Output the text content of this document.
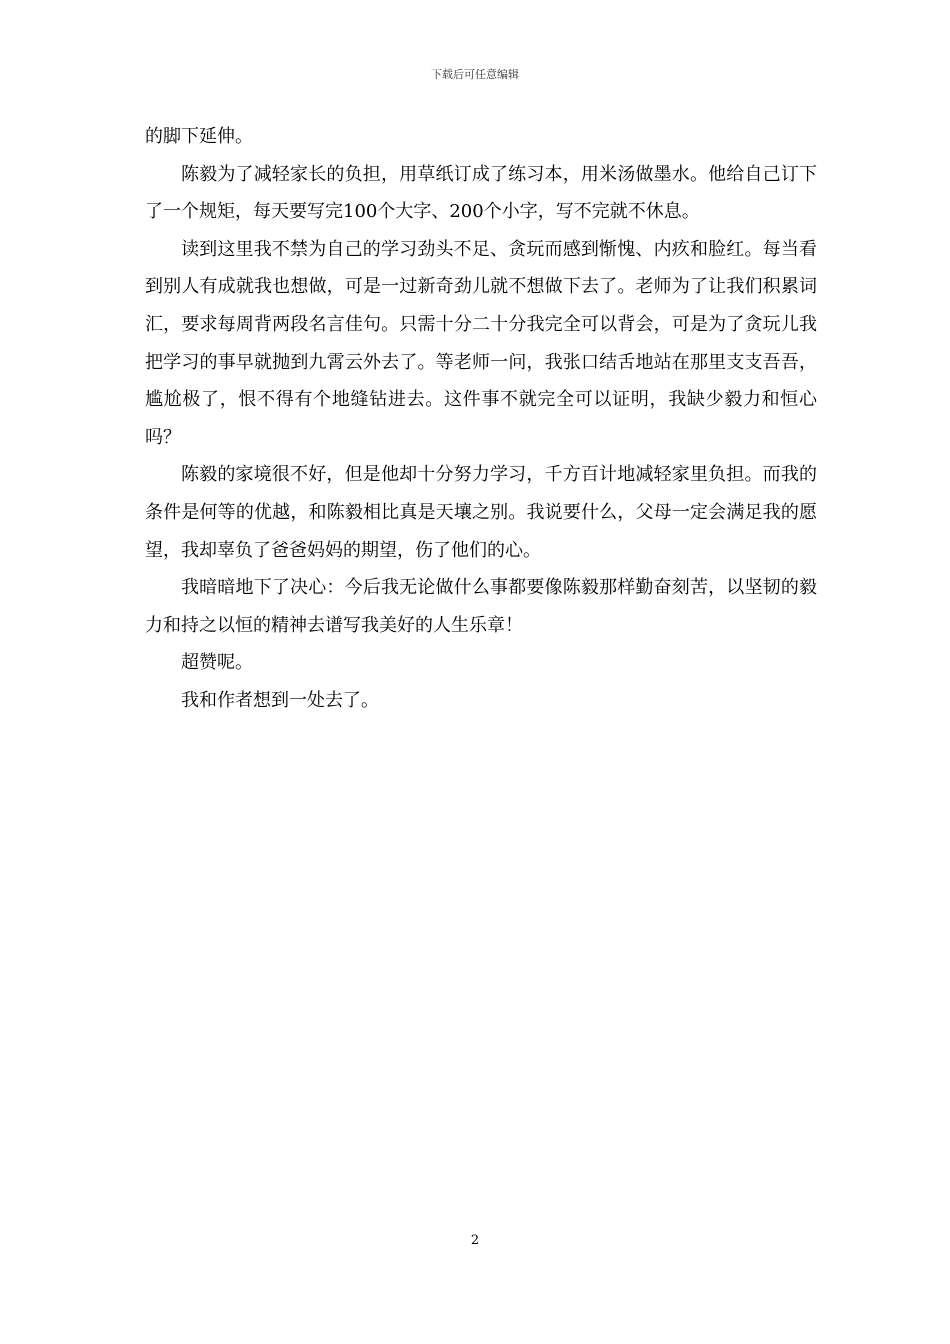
下载后可任意编辑

的脚下延伸。

陈毅为了减轻家长的负担，用草纸订成了练习本，用米汤做墨水。他给自己订下了一个规矩，每天要写完100个大字、200个小字，写不完就不休息。

读到这里我不禁为自己的学习劲头不足、贪玩而感到惭愧、内疚和脸红。每当看到别人有成就我也想做，可是一过新奇劲儿就不想做下去了。老师为了让我们积累词汇，要求每周背两段名言佳句。只需十分二十分我完全可以背会，可是为了贪玩儿我把学习的事早就抛到九霄云外去了。等老师一问，我张口结舌地站在那里支支吾吾，尴尬极了，恨不得有个地缝钻进去。这件事不就完全可以证明，我缺少毅力和恒心吗？

陈毅的家境很不好，但是他却十分努力学习，千方百计地减轻家里负担。而我的条件是何等的优越，和陈毅相比真是天壤之别。我说要什么，父母一定会满足我的愿望，我却辜负了爸爸妈妈的期望，伤了他们的心。

我暗暗地下了决心：今后我无论做什么事都要像陈毅那样勤奋刻苦，以坚韧的毅力和持之以恒的精神去谱写我美好的人生乐章！

超赞呢。

我和作者想到一处去了。

2
